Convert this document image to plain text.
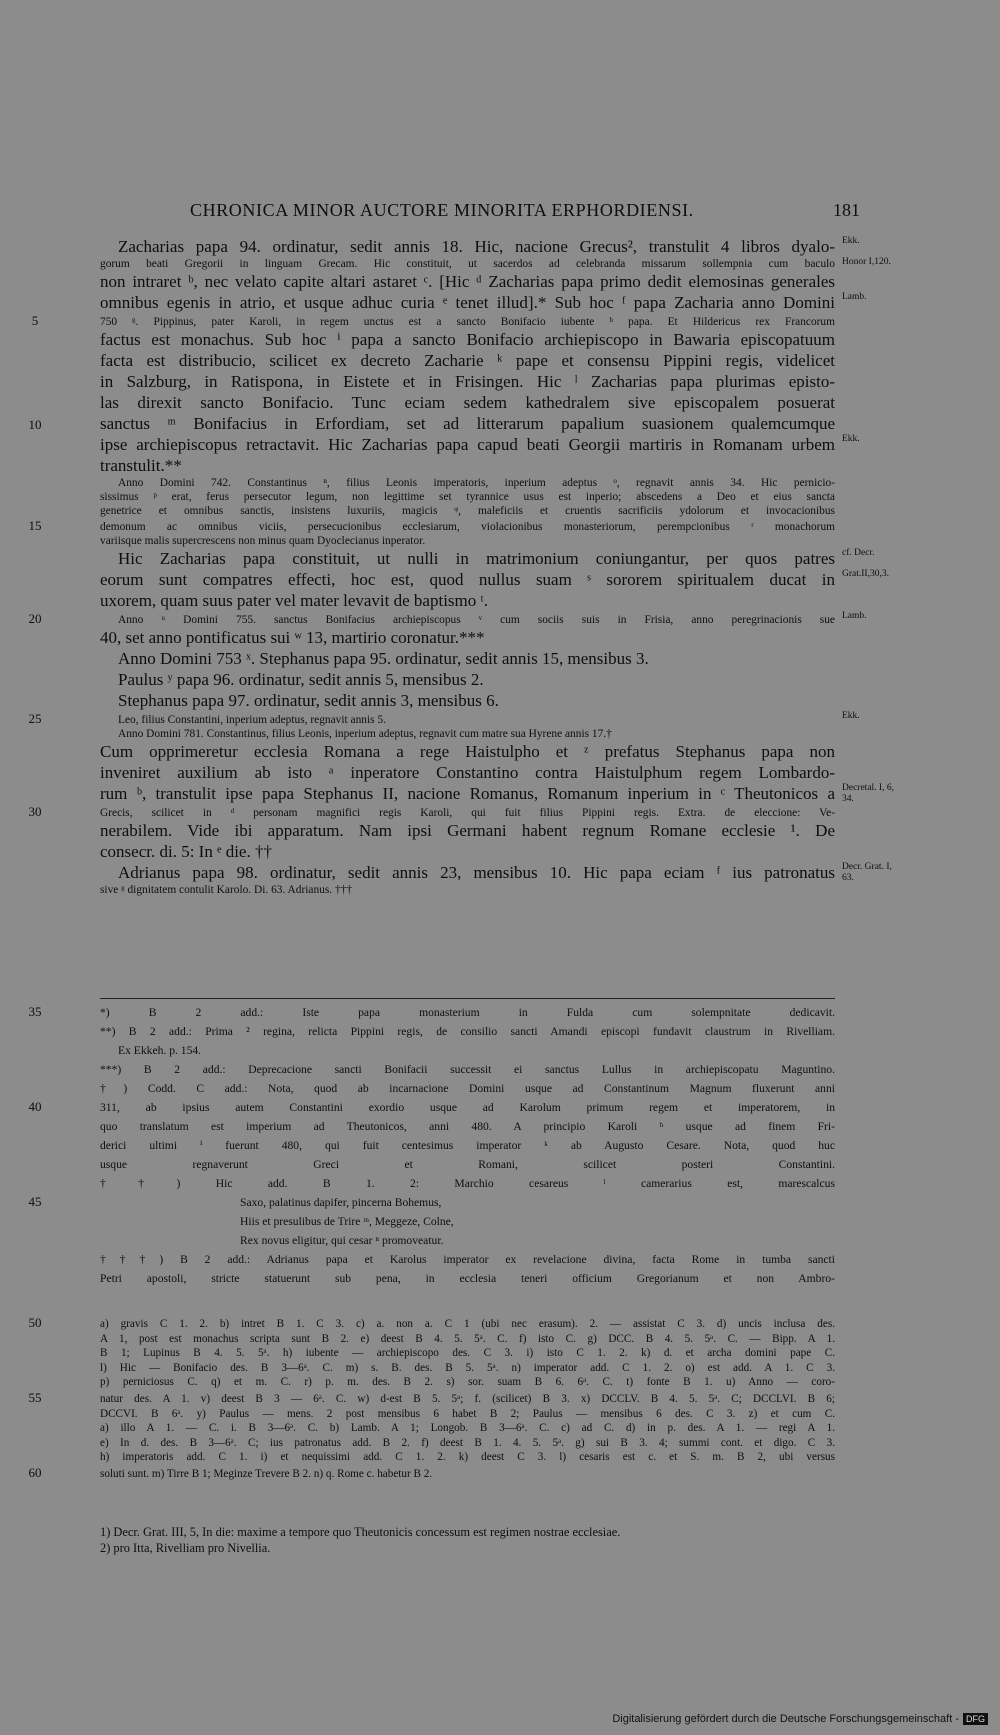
CHRONICA MINOR AUCTORE MINORITA ERPHORDIENSI.	181
Zacharias papa 94. ordinatur, sedit annis 18. Hic, nacione Grecus², transtulit 4 libros dyalo- Ekk.
gorum beati Gregorii in linguam Grecam. Hic constituit, ut sacerdos ad celebranda missarum sollempnia cum baculo Honor I,120.
non intraret ᵇ, nec velato capite altari astaret ᶜ. [Hic ᵈ Zacharias papa primo dedit elemosinas generales
omnibus egenis in atrio, et usque adhuc curia ᵉ tenet illud].* Sub hoc ᶠ papa Zacharia anno Domini Lamb.
5	750 ᵍ. Pippinus, pater Karoli, in regem unctus est a sancto Bonifacio iubente ʰ papa. Et Hildericus rex Francorum
factus est monachus. Sub hoc ⁱ papa a sancto Bonifacio archiepiscopo in Bawaria episcopatuum
facta est distribucio, scilicet ex decreto Zacharie ᵏ pape et consensu Pippini regis, videlicet
in Salzburg, in Ratispona, in Eistete et in Frisingen. Hic ˡ Zacharias papa plurimas episto-
las direxit sancto Bonifacio. Tunc eciam sedem kathedralem sive episcopalem posuerat
10	sanctus ᵐ Bonifacius in Erfordiam, set ad litterarum papalium suasionem qualemcumque
ipse archiepiscopus retractavit. Hic Zacharias papa capud beati Georgii martiris in Romanam urbem transtulit.**
Ekk.
Anno Domini 742. Constantinus ⁿ, filius Leonis imperatoris, inperium adeptus ᵒ, regnavit annis 34. Hic pernicio-
sissimus ᵖ erat, ferus persecutor legum, non legittime set tyrannice usus est inperio; abscedens a Deo et eius sancta
genetrice et omnibus sanctis, insistens luxuriis, magicis ᵠ, maleficiis et cruentis sacrificiis ydolorum et invocacionibus
15	demonum ac omnibus viciis, persecucionibus ecclesiarum, violacionibus monasteriorum, perempcionibus ʳ monachorum
variisque malis supercrescens non minus quam Dyoclecianus inperator.
Hic Zacharias papa constituit, ut nulli in matrimonium coniungantur, per quos patres cf. Decr.
eorum sunt compatres effecti, hoc est, quod nullus suam ˢ sororem spiritualem ducat in Grat.II,30,3.
uxorem, quam suus pater vel mater levavit de baptismo ᵗ.
20	Anno ᵘ Domini 755. sanctus Bonifacius archiepiscopus ᵛ cum sociis suis in Frisia, anno peregrinacionis sue Lamb.
40, set anno pontificatus sui ʷ 13, martirio coronatur.***
Anno Domini 753 ˣ. Stephanus papa 95. ordinatur, sedit annis 15, mensibus 3.
Paulus ʸ papa 96. ordinatur, sedit annis 5, mensibus 2.
Stephanus papa 97. ordinatur, sedit annis 3, mensibus 6.
25	Leo, filius Constantini, inperium adeptus, regnavit annis 5.	Ekk.
Anno Domini 781. Constantinus, filius Leonis, inperium adeptus, regnavit cum matre sua Hyrene annis 17.†
Cum opprimeretur ecclesia Romana a rege Haistulpho et ᶻ prefatus Stephanus papa non
inveniret auxilium ab isto ᵃ inperatore Constantino contra Haistulphum regem Lombardo-
rum ᵇ, transtulit ipse papa Stephanus II, nacione Romanus, Romanum inperium in ᶜ Theutonicos a Decretal. I, 6, 34.
30	Grecis, scilicet in ᵈ personam magnifici regis Karoli, qui fuit filius Pippini regis. Extra. de eleccione: Ve-
nerabilem. Vide ibi apparatum. Nam ipsi Germani habent regnum Romane ecclesie ¹. De
consecr. di. 5: In ᵉ die. ††
Adrianus papa 98. ordinatur, sedit annis 23, mensibus 10. Hic papa eciam ᶠ ius patronatus Decr. Grat. I, 63.
sive ᵍ dignitatem contulit Karolo. Di. 63. Adrianus. †††
35	*) B 2 add.: Iste papa monasterium in Fulda cum solempnitate dedicavit.
**) B 2 add.: Prima ² regina, relicta Pippini regis, de consilio sancti Amandi episcopi fundavit claustrum in Rivelliam.
Ex Ekkeh. p. 154.
***) B 2 add.: Deprecacione sancti Bonifacii successit ei sanctus Lullus in archiepiscopatu Maguntino.
†) Codd. C add.: Nota, quod ab incarnacione Domini usque ad Constantinum Magnum fluxerunt anni
40	311, ab ipsius autem Constantini exordio usque ad Karolum primum regem et imperatorem, in
quo translatum est imperium ad Theutonicos, anni 480. A principio Karoli ʰ usque ad finem Fri-
derici ultimi ⁱ fuerunt 480, qui fuit centesimus imperator ᵏ ab Augusto Cesare. Nota, quod huc
usque regnaverunt Greci et Romani, scilicet posteri Constantini.
††) Hic add. B 1. 2: Marchio cesareus ˡ camerarius est, marescalcus
45	Saxo, palatinus dapifer, pincerna Bohemus,
Hiis et presulibus de Trire ᵐ, Meggeze, Colne,
Rex novus eligitur, qui cesar ⁿ promoveatur.
†††) B 2 add.: Adrianus papa et Karolus imperator ex revelacione divina, facta Rome in tumba sancti
Petri apostoli, stricte statuerunt sub pena, in ecclesia teneri officium Gregorianum et non Ambro-
50	a) gravis C 1. 2. b) intret B 1. C 3. c) a. non a. C 1 (ubi nec erasum). 2. — assistat C 3. d) uncis inclusa des.
A 1, post est monachus scripta sunt B 2. e) deest B 4. 5. 5ᵃ. C. f) isto C. g) DCC. B 4. 5. 5ᵃ. C. — Bipp. A 1.
B 1; Lupinus B 4. 5. 5ᵃ. h) iubente — archiepiscopo des. C 3. i) isto C 1. 2. k) d. et archa domini pape C.
l) Hic — Bonifacio des. B 3—6ᵃ. C. m) s. B. des. B 5. 5ᵃ. n) imperator add. C 1. 2. o) est add. A 1. C 3.
p) perniciosus C. q) et m. C. r) p. m. des. B 2. s) sor. suam B 6. 6ᵃ. C. t) fonte B 1. u) Anno — coro-
55	natur des. A 1. v) deest B 3 — 6ᵃ. C. w) d-est B 5. 5ᵃ; f. (scilicet) B 3. x) DCCLV. B 4. 5. 5ᵃ. C; DCCLVI. B 6;
DCCVI. B 6ᵃ. y) Paulus — mens. 2 post mensibus 6 habet B 2; Paulus — mensibus 6 des. C 3. z) et cum C.
a) illo A 1. — C. i. B 3—6ᵃ. C. b) Lamb. A 1; Longob. B 3—6ᵃ. C. c) ad C. d) in p. des. A 1. — regi A 1.
e) In d. des. B 3—6ᵃ. C; ius patronatus add. B 2. f) deest B 1. 4. 5. 5ᵃ. g) sui B 3. 4; summi cont. et digo. C 3.
h) imperatoris add. C 1. i) et nequissimi add. C 1. 2. k) deest C 3. l) cesaris est c. et S. m. B 2, ubi versus
60	soluti sunt. m) Tirre B 1; Meginze Trevere B 2. n) q. Rome c. habetur B 2.
1) Decr. Grat. III, 5, In die: maxime a tempore quo Theutonicis concessum est regimen nostrae ecclesiae.
2) pro Itta, Rivelliam pro Nivellia.
Digitalisierung gefördert durch die Deutsche Forschungsgemeinschaft - DFG
